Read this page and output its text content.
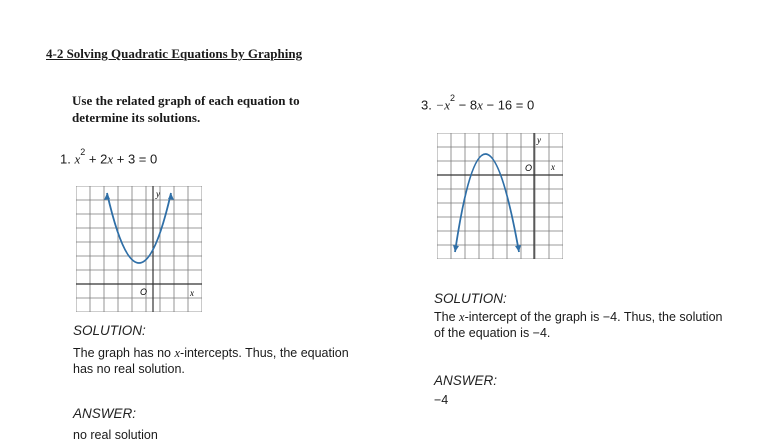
4-2 Solving Quadratic Equations by Graphing
Use the related graph of each equation to
determine its solutions.
1. $x^2 + 2x + 3 = 0$
y
x
O
SOLUTION:
The graph has no x-intercepts. Thus, the equation
has no real solution.
ANSWER:
no real solution
3. $-x^2 - 8x - 16 = 0$
y
x
O
SOLUTION:
The x-intercept of the graph is −4. Thus, the solution
of the equation is −4.
ANSWER:
−4
